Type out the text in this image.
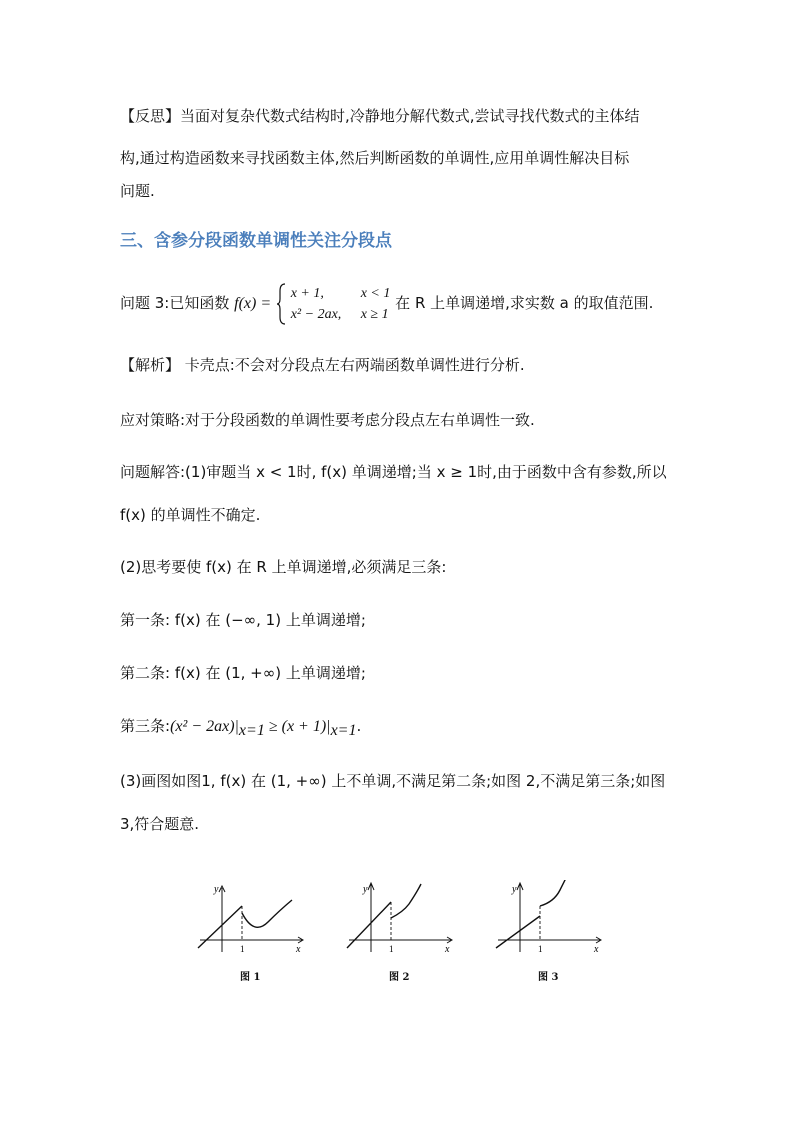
【反思】当面对复杂代数式结构时,冷静地分解代数式,尝试寻找代数式的主体结
构,通过构造函数来寻找函数主体,然后判断函数的单调性,应用单调性解决目标
问题.
三、含参分段函数单调性关注分段点
问题 3:已知函数 f(x) =
x + 1,	x < 1
x² − 2ax, x ≥ 1
在 R 上单调递增,求实数 a 的取值范围.
【解析】 卡壳点:不会对分段点左右两端函数单调性进行分析.
应对策略:对于分段函数的单调性要考虑分段点左右单调性一致.
问题解答:(1)审题当 x < 1时, f(x) 单调递增;当 x ≥ 1时,由于函数中含有参数,所以
f(x) 的单调性不确定.
(2)思考要使 f(x) 在 R 上单调递增,必须满足三条:
第一条: f(x) 在 (−∞, 1) 上单调递增;
第二条: f(x) 在 (1, +∞) 上单调递增;
第三条:(x² − $2ax)|_{x=1} \ge (x + 1)|_{x=1}$.
(3)画图如图1, f(x) 在 (1, +∞) 上不单调,不满足第二条;如图 2,不满足第三条;如图
3,符合题意.
y
x
1
图 1
y
x
1
图 2
y
x
1
图 3
